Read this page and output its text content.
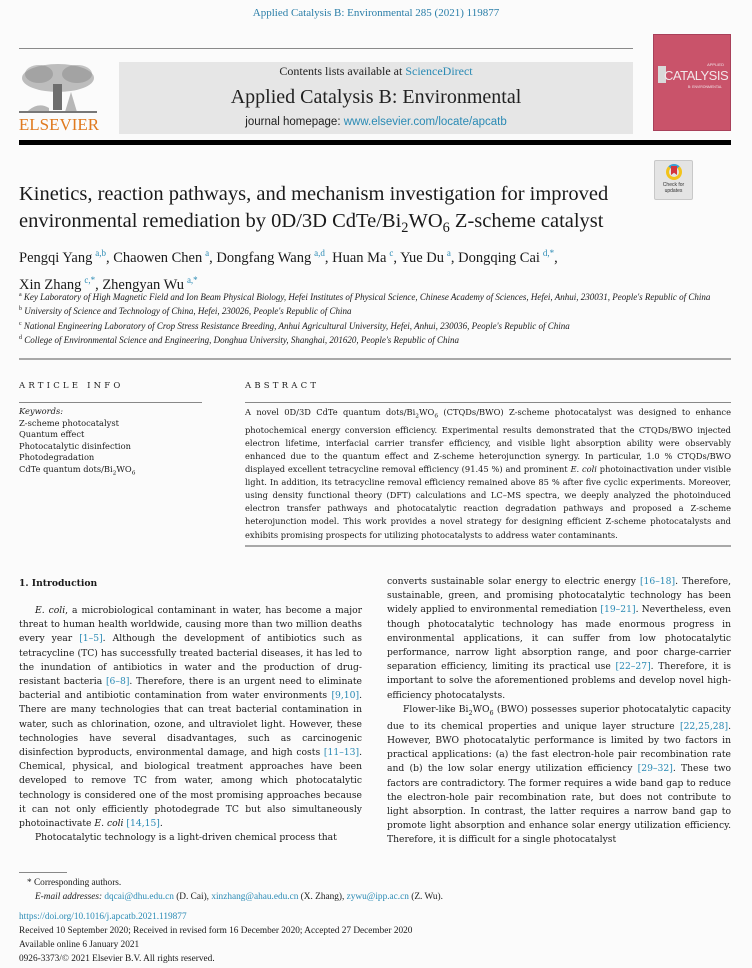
Applied Catalysis B: Environmental 285 (2021) 119877
ELSEVIER
Contents lists available at ScienceDirect
Applied Catalysis B: Environmental
journal homepage: www.elsevier.com/locate/apcatb
APPLIED
CATALYSIS
B: ENVIRONMENTAL
Check for
updates
Kinetics, reaction pathways, and mechanism investigation for improved
environmental remediation by 0D/3D CdTe/$Bi_2WO_6$ Z-scheme catalyst
Pengqi Yang  $^{a,b}$, Chaowen Chen  $^a$, Dongfang Wang  $^{a,d}$, Huan Ma  $^c$, Yue Du  $^a$, Dongqing Cai  $^{d,*}$,
Xin Zhang  $^{c,*}$, Zhengyan Wu  $^{a,*}$
$^a$ Key Laboratory of High Magnetic Field and Ion Beam Physical Biology, Hefei Institutes of Physical Science, Chinese Academy of Sciences, Hefei, Anhui, 230031, People's Republic of China
$^b$ University of Science and Technology of China, Hefei, 230026, People's Republic of China
$^c$ National Engineering Laboratory of Crop Stress Resistance Breeding, Anhui Agricultural University, Hefei, Anhui, 230036, People's Republic of China
$^d$ College of Environmental Science and Engineering, Donghua University, Shanghai, 201620, People's Republic of China
ARTICLE INFO	ABSTRACT
Keywords:
Z-scheme photocatalyst
Quantum effect
Photocatalytic disinfection
Photodegradation
CdTe quantum dots/$Bi_2WO_6$
A novel 0D/3D CdTe quantum dots/$Bi_2WO_6$ (CTQDs/BWO) Z-scheme photocatalyst was designed to enhance photochemical energy conversion efficiency. Experimental results demonstrated that the CTQDs/BWO injected electron lifetime, interfacial carrier transfer efficiency, and visible light absorption ability were observably enhanced due to the quantum effect and Z-scheme heterojunction synergy. In particular, 1.0 % CTQDs/BWO displayed excellent tetracycline removal efficiency (91.45 %) and prominent E. coli photoinactivation under visible light. In addition, its tetracycline removal efficiency remained above 85 % after five cyclic experiments. Moreover, using density functional theory (DFT) calculations and LC–MS spectra, we deeply analyzed the photoinduced electron transfer pathways and photocatalytic reaction degradation pathways and proposed a Z-scheme heterojunction model. This work provides a novel strategy for designing efficient Z-scheme photocatalysts and exhibits promising prospects for utilizing photocatalysts to address water contaminants.
1. Introduction

E. coli, a microbiological contaminant in water, has become a major threat to human health worldwide, causing more than two million deaths every year [1–5]. Although the development of antibiotics such as tetracycline (TC) has successfully treated bacterial diseases, it has led to the inundation of antibiotics in water and the production of drug-resistant bacteria [6–8]. Therefore, there is an urgent need to eliminate bacterial and antibiotic contamination from water environments [9,10]. There are many technologies that can treat bacterial contamination in water, such as chlorination, ozone, and ultraviolet light. However, these technologies have several disadvantages, such as carcinogenic disinfection byproducts, environmental damage, and high costs [11–13]. Chemical, physical, and biological treatment approaches have been developed to remove TC from water, among which photocatalytic technology is considered one of the most promising approaches because it can not only efficiently photodegrade TC but also simultaneously photoinactivate E. coli [14,15].

Photocatalytic technology is a light-driven chemical process that

converts sustainable solar energy to electric energy [16–18]. Therefore, sustainable, green, and promising photocatalytic technology has been widely applied to environmental remediation [19–21]. Nevertheless, even though photocatalytic technology has made enormous progress in environmental applications, it can suffer from low photocatalytic performance, narrow light absorption range, and poor charge-carrier separation efficiency, limiting its practical use [22–27]. Therefore, it is important to solve the aforementioned problems and develop novel high-efficiency photocatalysts.

Flower-like $Bi_2WO_6$ (BWO) possesses superior photocatalytic capacity due to its chemical properties and unique layer structure [22,25,28]. However, BWO photocatalytic performance is limited by two factors in practical applications: (a) the fast electron-hole pair recombination rate and (b) the low solar energy utilization efficiency [29–32]. These two factors are contradictory. The former requires a wide band gap to reduce the electron-hole pair recombination rate, but does not contribute to light absorption. In contrast, the latter requires a narrow band gap to promote light absorption and enhance solar energy utilization efficiency. Therefore, it is difficult for a single photocatalyst

* Corresponding authors.
E-mail addresses: dqcai@dhu.edu.cn (D. Cai), xinzhang@ahau.edu.cn (X. Zhang), zywu@ipp.ac.cn (Z. Wu).
https://doi.org/10.1016/j.apcatb.2021.119877
Received 10 September 2020; Received in revised form 16 December 2020; Accepted 27 December 2020
Available online 6 January 2021
0926-3373/© 2021 Elsevier B.V. All rights reserved.
